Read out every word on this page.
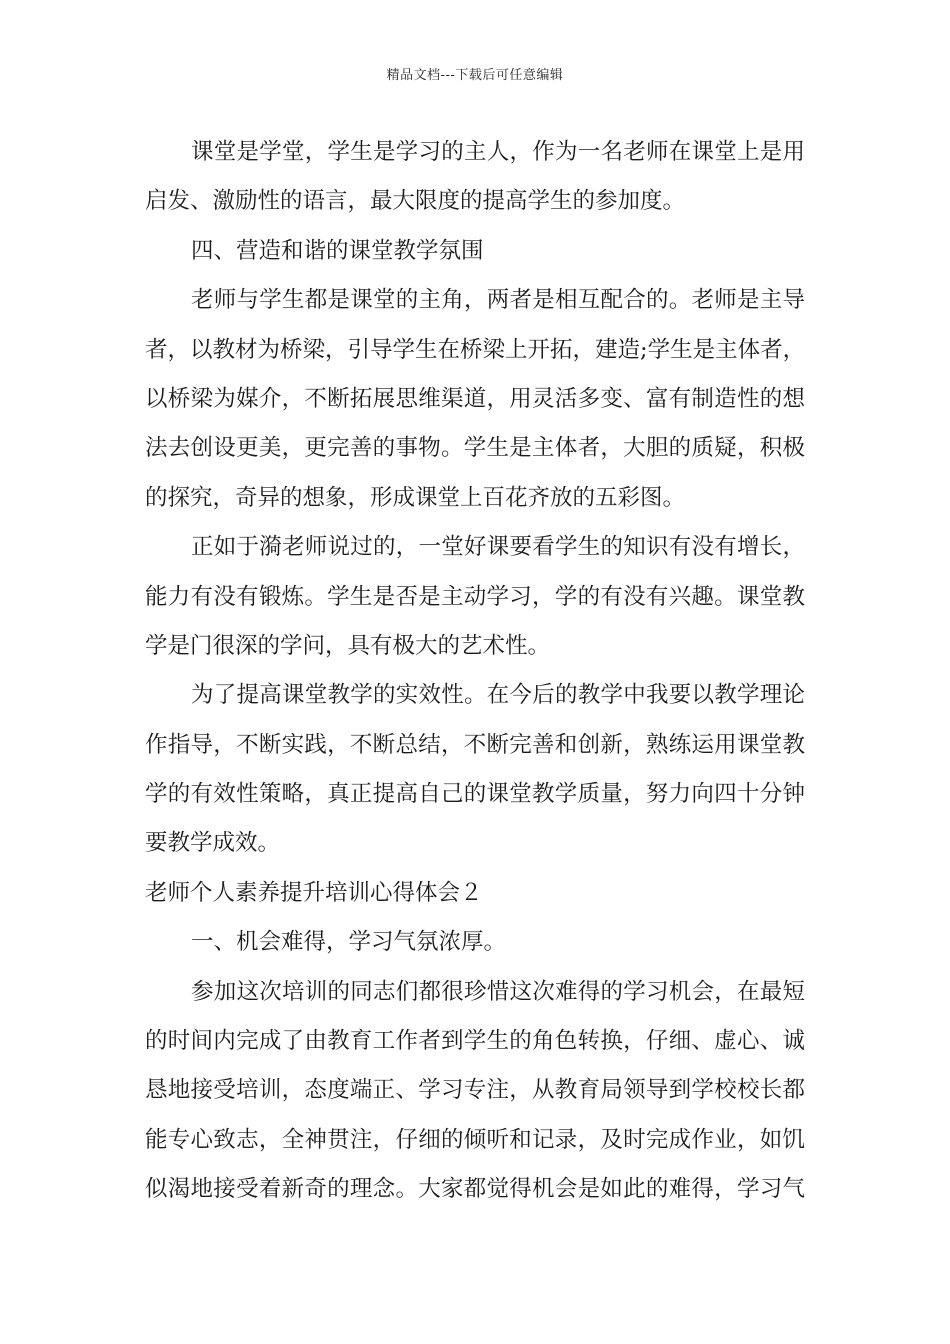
精品文档---下载后可任意编辑
课堂是学堂，学生是学习的主人，作为一名老师在课堂上是用
启发、激励性的语言，最大限度的提高学生的参加度。
四、营造和谐的课堂教学氛围
老师与学生都是课堂的主角，两者是相互配合的。老师是主导
者，以教材为桥梁，引导学生在桥梁上开拓，建造;学生是主体者，
以桥梁为媒介，不断拓展思维渠道，用灵活多变、富有制造性的想
法去创设更美，更完善的事物。学生是主体者，大胆的质疑，积极
的探究，奇异的想象，形成课堂上百花齐放的五彩图。
正如于漪老师说过的，一堂好课要看学生的知识有没有增长，
能力有没有锻炼。学生是否是主动学习，学的有没有兴趣。课堂教
学是门很深的学问，具有极大的艺术性。
为了提高课堂教学的实效性。在今后的教学中我要以教学理论
作指导，不断实践，不断总结，不断完善和创新，熟练运用课堂教
学的有效性策略，真正提高自己的课堂教学质量，努力向四十分钟
要教学成效。
老师个人素养提升培训心得体会２
一、机会难得，学习气氛浓厚。
参加这次培训的同志们都很珍惜这次难得的学习机会，在最短
的时间内完成了由教育工作者到学生的角色转换，仔细、虚心、诚
恳地接受培训，态度端正、学习专注，从教育局领导到学校校长都
能专心致志，全神贯注，仔细的倾听和记录，及时完成作业，如饥
似渴地接受着新奇的理念。大家都觉得机会是如此的难得，学习气
